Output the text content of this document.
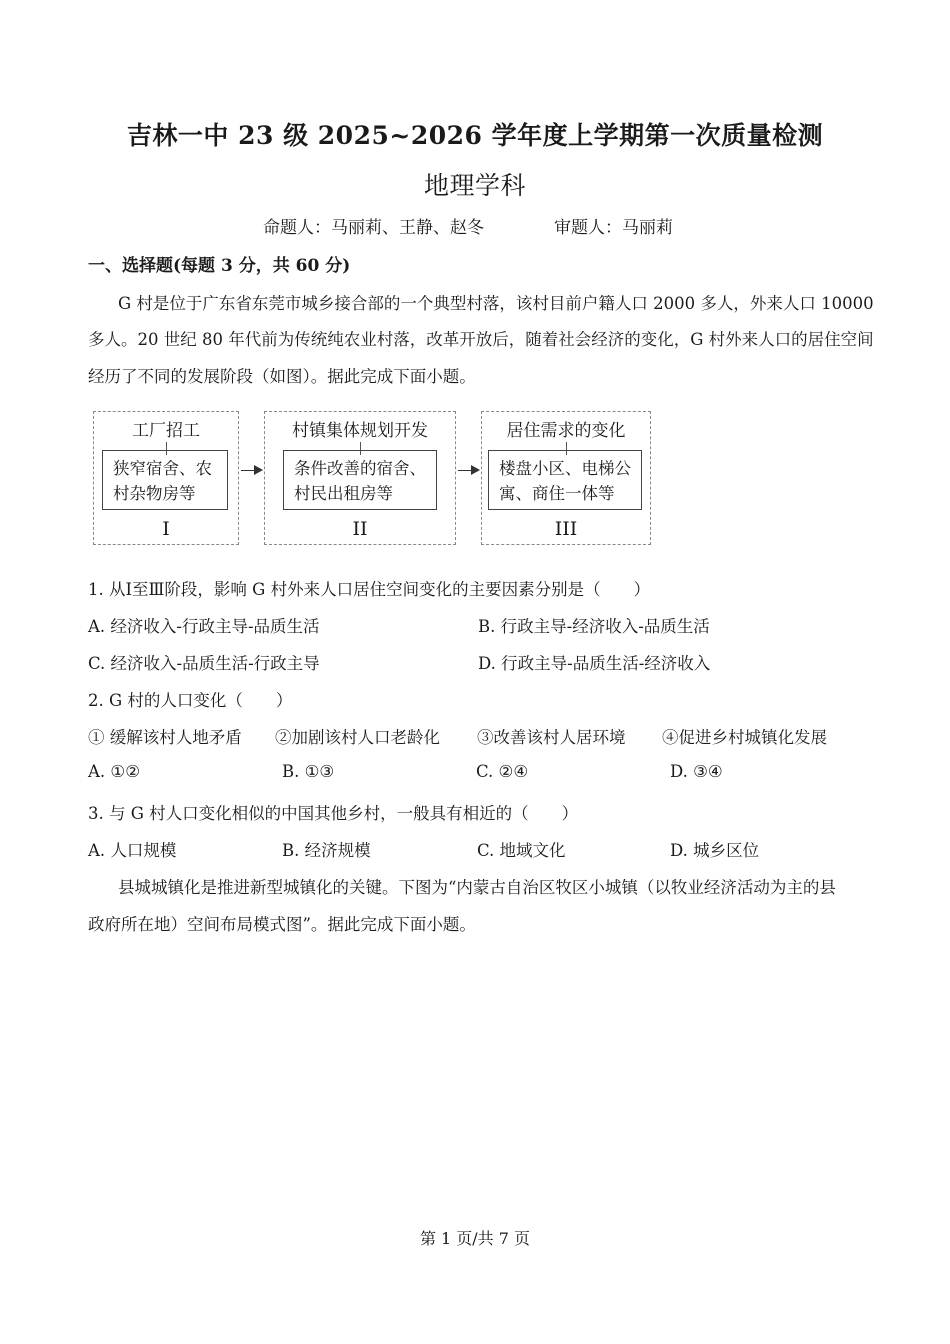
吉林一中 23 级 2025~2026 学年度上学期第一次质量检测
地理学科
命题人：马丽莉、王静、赵冬	审题人：马丽莉
一、选择题(每题 3 分，共 60 分)
G 村是位于广东省东莞市城乡接合部的一个典型村落，该村目前户籍人口 2000 多人，外来人口 10000
多人。20 世纪 80 年代前为传统纯农业村落，改革开放后，随着社会经济的变化，G 村外来人口的居住空间
经历了不同的发展阶段（如图）。据此完成下面小题。
工厂招工
狭窄宿舍、农村杂物房等
I
村镇集体规划开发
条件改善的宿舍、村民出租房等
II
居住需求的变化
楼盘小区、电梯公寓、商住一体等
III
1. 从Ⅰ至Ⅲ阶段，影响 G 村外来人口居住空间变化的主要因素分别是（　　）
A. 经济收入-行政主导-品质生活	B. 行政主导-经济收入-品质生活
C. 经济收入-品质生活-行政主导	D. 行政主导-品质生活-经济收入
2. G 村的人口变化（　　）
① 缓解该村人地矛盾 ②加剧该村人口老龄化 ③改善该村人居环境 ④促进乡村城镇化发展
A. ①②	B. ①③	C. ②④	D. ③④
3. 与 G 村人口变化相似的中国其他乡村，一般具有相近的（　　）
A. 人口规模	B. 经济规模	C. 地域文化	D. 城乡区位
县城城镇化是推进新型城镇化的关键。下图为“内蒙古自治区牧区小城镇（以牧业经济活动为主的县
政府所在地）空间布局模式图”。据此完成下面小题。
第 1 页/共 7 页
